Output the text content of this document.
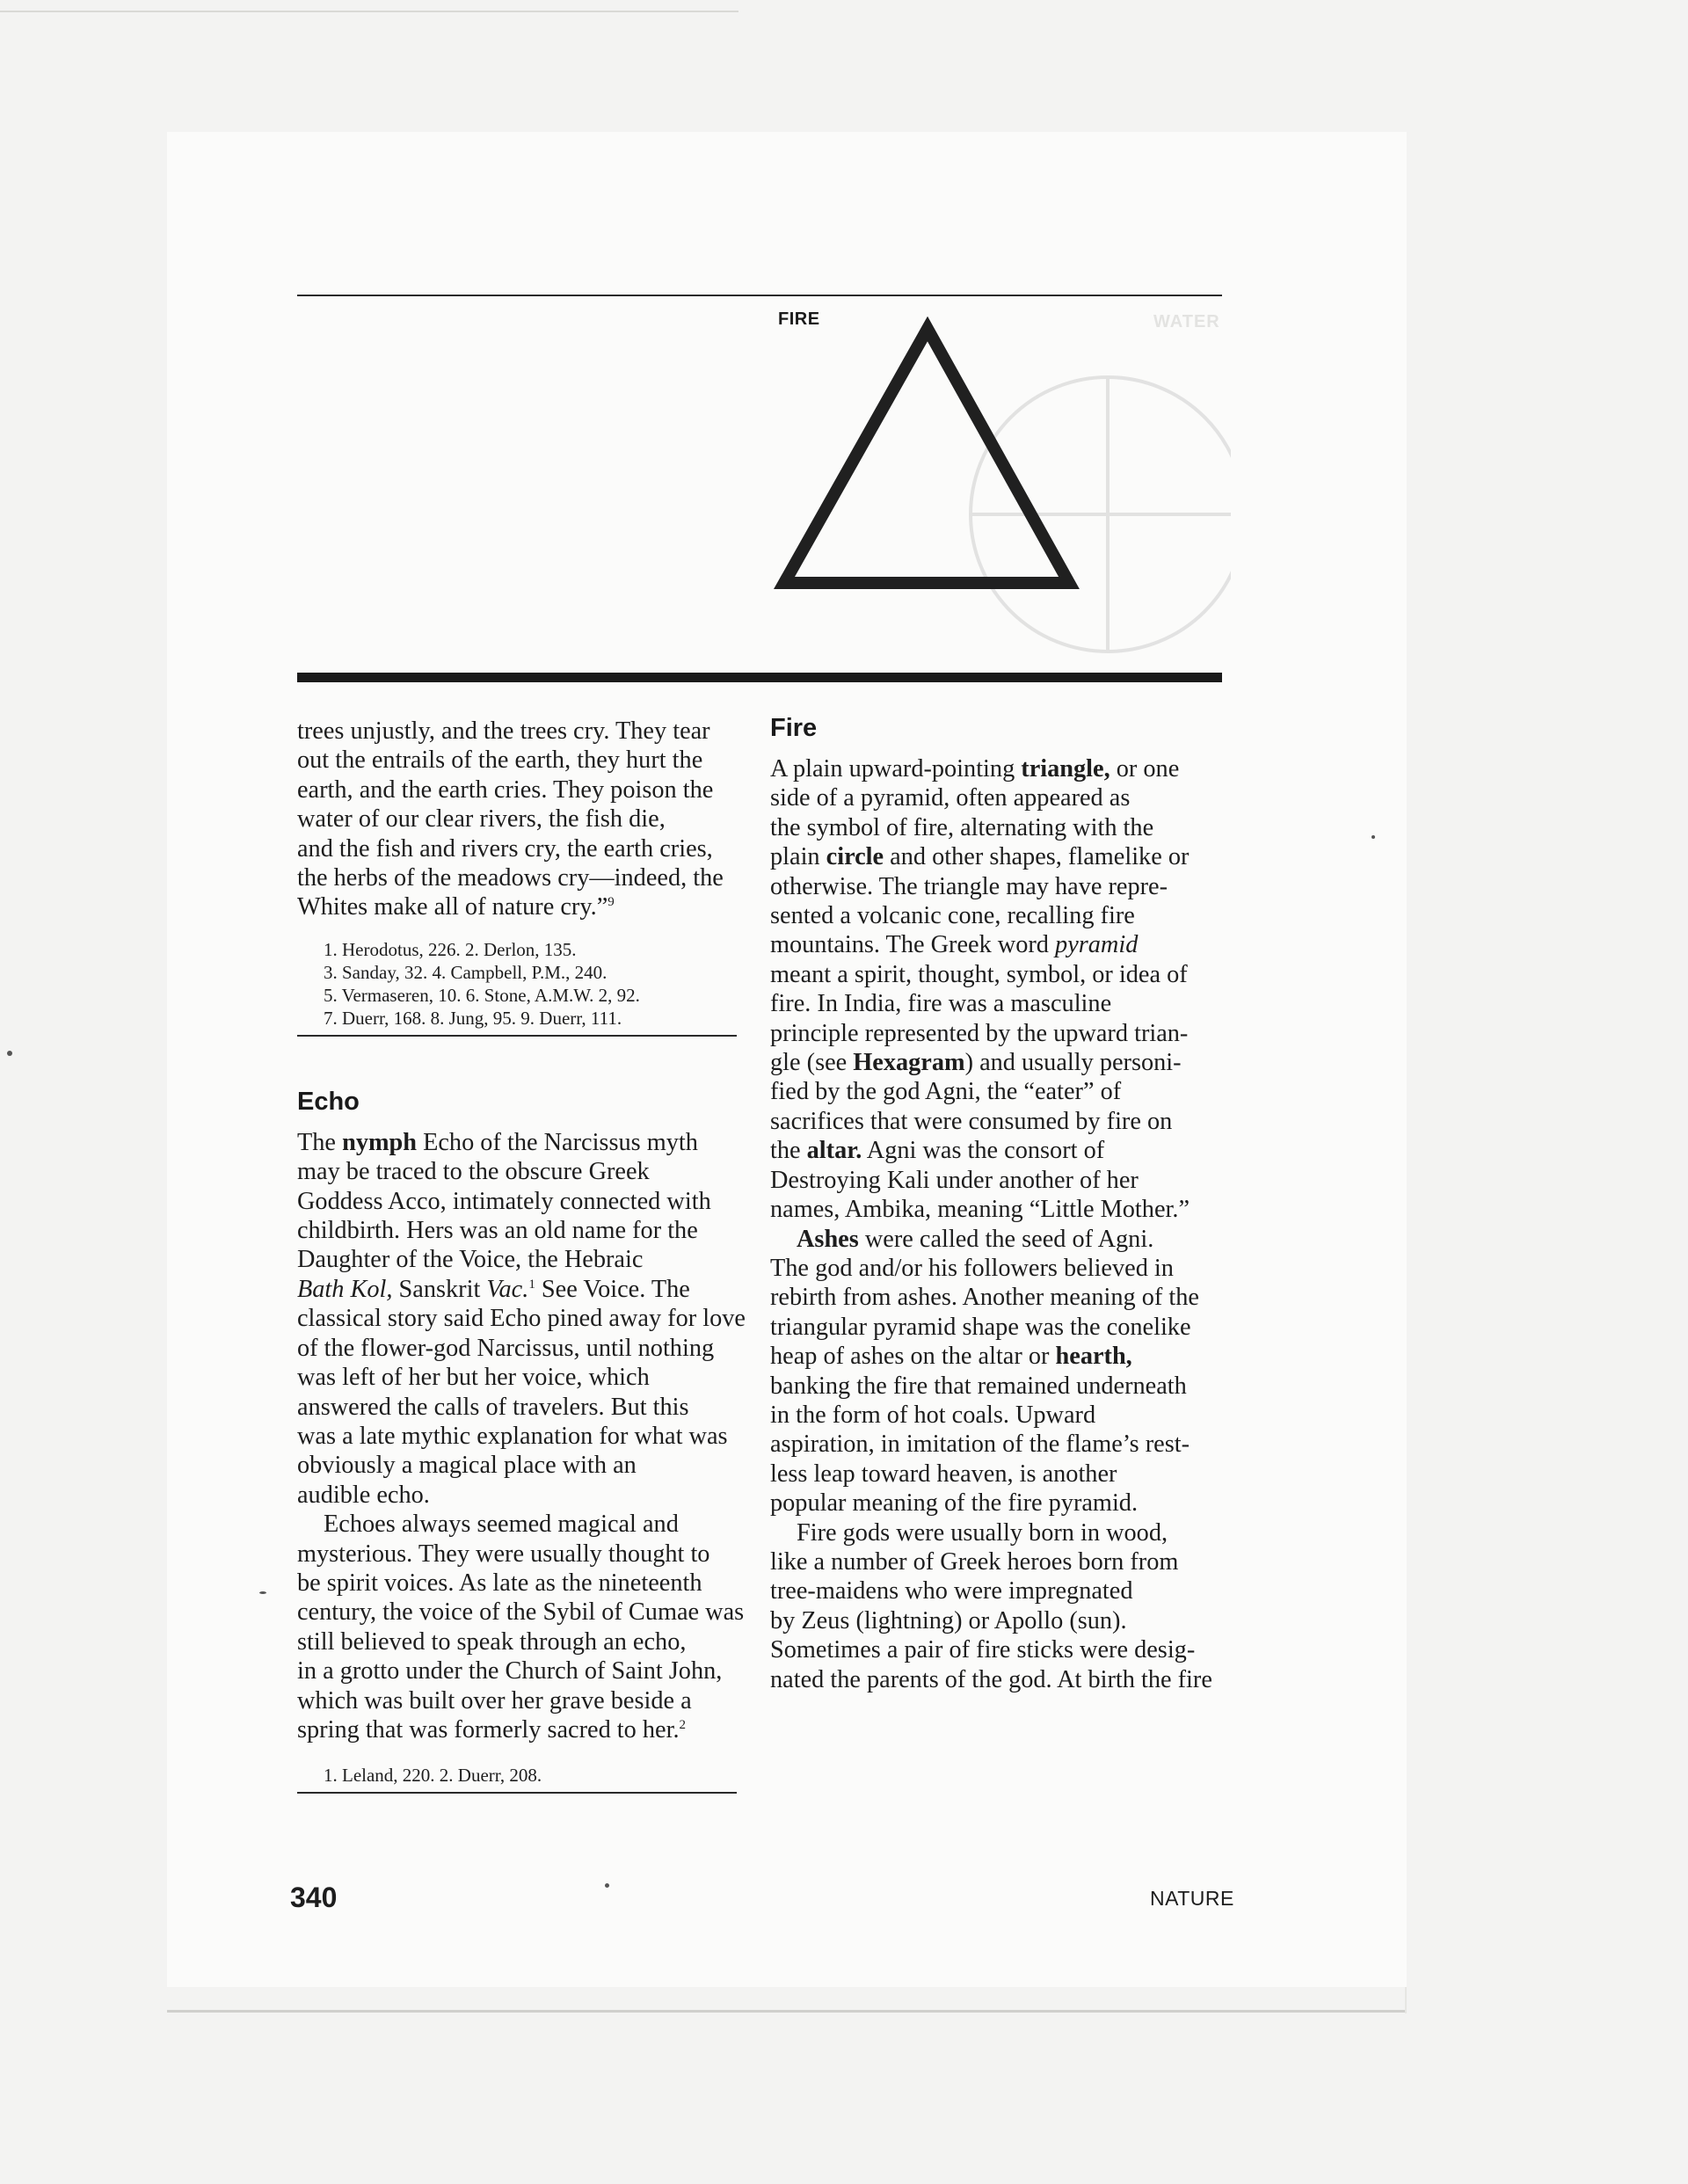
FIRE	WATER
trees unjustly, and the trees cry. They tear
out the entrails of the earth, they hurt the
earth, and the earth cries. They poison the
water of our clear rivers, the fish die,
and the fish and rivers cry, the earth cries,
the herbs of the meadows cry—indeed, the
Whites make all of nature cry.”$^9$
1. Herodotus, 226. 2. Derlon, 135.
3. Sanday, 32. 4. Campbell, P.M., 240.
5. Vermaseren, 10. 6. Stone, A.M.W. 2, 92.
7. Duerr, 168. 8. Jung, 95. 9. Duerr, 111.
Echo
The nymph Echo of the Narcissus myth
may be traced to the obscure Greek
Goddess Acco, intimately connected with
childbirth. Hers was an old name for the
Daughter of the Voice, the Hebraic
Bath Kol, Sanskrit Vac.$^1$ See Voice. The
classical story said Echo pined away for love
of the flower-god Narcissus, until nothing
was left of her but her voice, which
answered the calls of travelers. But this
was a late mythic explanation for what was
obviously a magical place with an
audible echo.
Echoes always seemed magical and
mysterious. They were usually thought to
be spirit voices. As late as the nineteenth
century, the voice of the Sybil of Cumae was
still believed to speak through an echo,
in a grotto under the Church of Saint John,
which was built over her grave beside a
spring that was formerly sacred to her.$^2$
1. Leland, 220. 2. Duerr, 208.
Fire
A plain upward-pointing triangle, or one
side of a pyramid, often appeared as
the symbol of fire, alternating with the
plain circle and other shapes, flamelike or
otherwise. The triangle may have repre-
sented a volcanic cone, recalling fire
mountains. The Greek word pyramid
meant a spirit, thought, symbol, or idea of
fire. In India, fire was a masculine
principle represented by the upward trian-
gle (see Hexagram) and usually personi-
fied by the god Agni, the “eater” of
sacrifices that were consumed by fire on
the altar. Agni was the consort of
Destroying Kali under another of her
names, Ambika, meaning “Little Mother.”
Ashes were called the seed of Agni.
The god and/or his followers believed in
rebirth from ashes. Another meaning of the
triangular pyramid shape was the conelike
heap of ashes on the altar or hearth,
banking the fire that remained underneath
in the form of hot coals. Upward
aspiration, in imitation of the flame’s rest-
less leap toward heaven, is another
popular meaning of the fire pyramid.
Fire gods were usually born in wood,
like a number of Greek heroes born from
tree-maidens who were impregnated
by Zeus (lightning) or Apollo (sun).
Sometimes a pair of fire sticks were desig-
nated the parents of the god. At birth the fire
340	NATURE
